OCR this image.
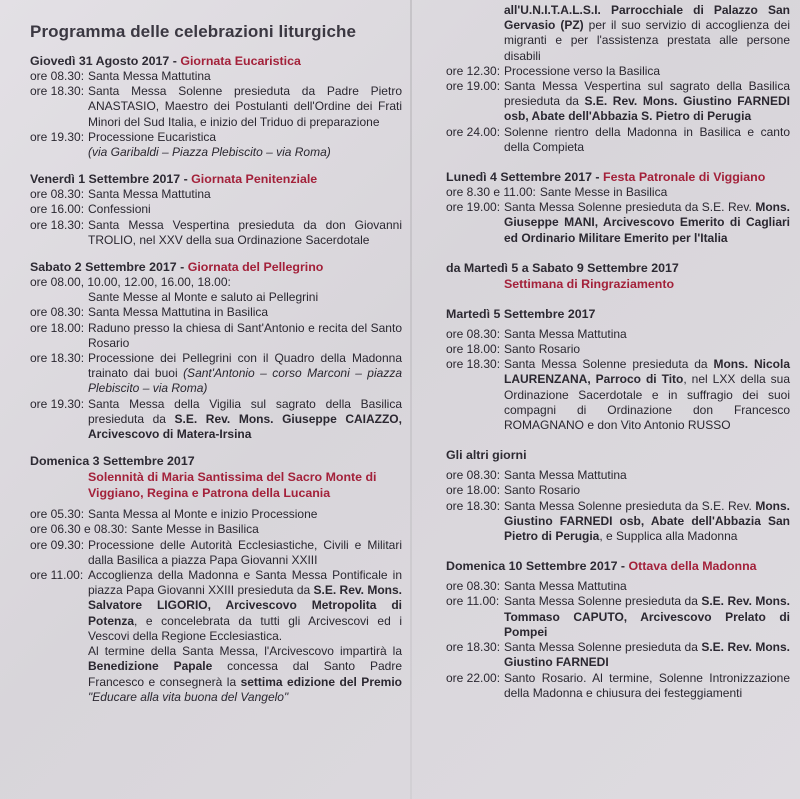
Programma delle celebrazioni liturgiche
Giovedì 31 Agosto 2017 - Giornata Eucaristica
ore 08.30: Santa Messa Mattutina
ore 18.30: Santa Messa Solenne presieduta da Padre Pietro ANASTASIO, Maestro dei Postulanti dell'Ordine dei Frati Minori del Sud Italia, e inizio del Triduo di preparazione
ore 19.30: Processione Eucaristica
(via Garibaldi – Piazza Plebiscito – via Roma)
Venerdì 1 Settembre 2017 - Giornata Penitenziale
ore 08.30: Santa Messa Mattutina
ore 16.00: Confessioni
ore 18.30: Santa Messa Vespertina presieduta da don Giovanni TROLIO, nel XXV della sua Ordinazione Sacerdotale
Sabato 2 Settembre 2017 - Giornata del Pellegrino
ore 08.00, 10.00, 12.00, 16.00, 18.00:
Sante Messe al Monte e saluto ai Pellegrini
ore 08.30: Santa Messa Mattutina in Basilica
ore 18.00: Raduno presso la chiesa di Sant'Antonio e recita del Santo Rosario
ore 18.30: Processione dei Pellegrini con il Quadro della Madonna trainato dai buoi (Sant'Antonio – corso Marconi – piazza Plebiscito – via Roma)
ore 19.30: Santa Messa della Vigilia sul sagrato della Basilica presieduta da S.E. Rev. Mons. Giuseppe CAIAZZO, Arcivescovo di Matera-Irsina
Domenica 3 Settembre 2017
Solennità di Maria Santissima del Sacro Monte di Viggiano, Regina e Patrona della Lucania
ore 05.30: Santa Messa al Monte e inizio Processione
ore 06.30 e 08.30: Sante Messe in Basilica
ore 09.30: Processione delle Autorità Ecclesiastiche, Civili e Militari dalla Basilica a piazza Papa Giovanni XXIII
ore 11.00: Accoglienza della Madonna e Santa Messa Pontificale in piazza Papa Giovanni XXIII presieduta da S.E. Rev. Mons. Salvatore LIGORIO, Arcivescovo Metropolita di Potenza, e concelebrata da tutti gli Arcivescovi ed i Vescovi della Regione Ecclesiastica.
Al termine della Santa Messa, l'Arcivescovo impartirà la Benedizione Papale concessa dal Santo Padre Francesco e consegnerà la settima edizione del Premio "Educare alla vita buona del Vangelo"
all'U.N.I.T.A.L.S.I. Parrocchiale di Palazzo San Gervasio (PZ) per il suo servizio di accoglienza dei migranti e per l'assistenza prestata alle persone disabili
ore 12.30: Processione verso la Basilica
ore 19.00: Santa Messa Vespertina sul sagrato della Basilica presieduta da S.E. Rev. Mons. Giustino FARNEDI osb, Abate dell'Abbazia S. Pietro di Perugia
ore 24.00: Solenne rientro della Madonna in Basilica e canto della Compieta
Lunedì 4 Settembre 2017 - Festa Patronale di Viggiano
ore 8.30 e 11.00: Sante Messe in Basilica
ore 19.00: Santa Messa Solenne presieduta da S.E. Rev. Mons. Giuseppe MANI, Arcivescovo Emerito di Cagliari ed Ordinario Militare Emerito per l'Italia
da Martedì 5 a Sabato 9 Settembre 2017
Settimana di Ringraziamento
Martedì 5 Settembre 2017
ore 08.30: Santa Messa Mattutina
ore 18.00: Santo Rosario
ore 18.30: Santa Messa Solenne presieduta da Mons. Nicola LAURENZANA, Parroco di Tito, nel LXX della sua Ordinazione Sacerdotale e in suffragio dei suoi compagni di Ordinazione don Francesco ROMAGNANO e don Vito Antonio RUSSO
Gli altri giorni
ore 08.30: Santa Messa Mattutina
ore 18.00: Santo Rosario
ore 18.30: Santa Messa Solenne presieduta da S.E. Rev. Mons. Giustino FARNEDI osb, Abate dell'Abbazia San Pietro di Perugia, e Supplica alla Madonna
Domenica 10 Settembre 2017 - Ottava della Madonna
ore 08.30: Santa Messa Mattutina
ore 11.00: Santa Messa Solenne presieduta da S.E. Rev. Mons. Tommaso CAPUTO, Arcivescovo Prelato di Pompei
ore 18.30: Santa Messa Solenne presieduta da S.E. Rev. Mons. Giustino FARNEDI
ore 22.00: Santo Rosario. Al termine, Solenne Intronizzazione della Madonna e chiusura dei festeggiamenti
